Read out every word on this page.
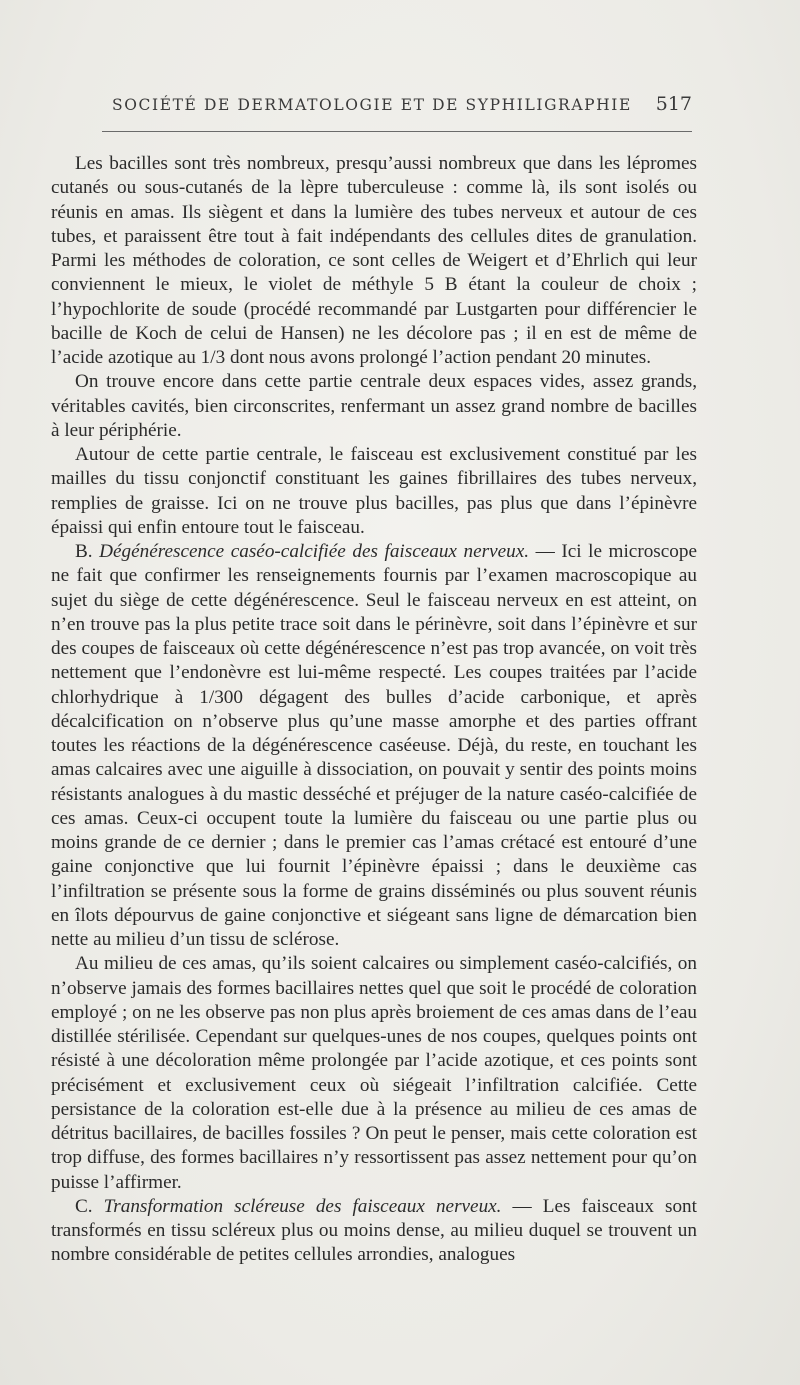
SOCIÉTÉ DE DERMATOLOGIE ET DE SYPHILIGRAPHIE 517

Les bacilles sont très nombreux, presqu’aussi nombreux que dans les lépromes cutanés ou sous-cutanés de la lèpre tuberculeuse : comme là, ils sont isolés ou réunis en amas. Ils siègent et dans la lumière des tubes nerveux et autour de ces tubes, et paraissent être tout à fait indépendants des cellules dites de granulation. Parmi les méthodes de coloration, ce sont celles de Weigert et d’Ehrlich qui leur conviennent le mieux, le violet de méthyle 5 B étant la couleur de choix ; l’hypochlorite de soude (procédé recommandé par Lustgarten pour différencier le bacille de Koch de celui de Hansen) ne les décolore pas ; il en est de même de l’acide azotique au 1/3 dont nous avons prolongé l’action pendant 20 minutes.

On trouve encore dans cette partie centrale deux espaces vides, assez grands, véritables cavités, bien circonscrites, renfermant un assez grand nombre de bacilles à leur périphérie.

Autour de cette partie centrale, le faisceau est exclusivement constitué par les mailles du tissu conjonctif constituant les gaines fibrillaires des tubes nerveux, remplies de graisse. Ici on ne trouve plus bacilles, pas plus que dans l’épinèvre épaissi qui enfin entoure tout le faisceau.

B. Dégénérescence caséo-calcifiée des faisceaux nerveux. — Ici le microscope ne fait que confirmer les renseignements fournis par l’examen macroscopique au sujet du siège de cette dégénérescence. Seul le faisceau nerveux en est atteint, on n’en trouve pas la plus petite trace soit dans le périnèvre, soit dans l’épinèvre et sur des coupes de faisceaux où cette dégénérescence n’est pas trop avancée, on voit très nettement que l’endonèvre est lui-même respecté. Les coupes traitées par l’acide chlorhydrique à 1/300 dégagent des bulles d’acide carbonique, et après décalcification on n’observe plus qu’une masse amorphe et des parties offrant toutes les réactions de la dégénérescence caséeuse. Déjà, du reste, en touchant les amas calcaires avec une aiguille à dissociation, on pouvait y sentir des points moins résistants analogues à du mastic desséché et préjuger de la nature caséo-calcifiée de ces amas. Ceux-ci occupent toute la lumière du faisceau ou une partie plus ou moins grande de ce dernier ; dans le premier cas l’amas crétacé est entouré d’une gaine conjonctive que lui fournit l’épinèvre épaissi ; dans le deuxième cas l’infiltration se présente sous la forme de grains disséminés ou plus souvent réunis en îlots dépourvus de gaine conjonctive et siégeant sans ligne de démarcation bien nette au milieu d’un tissu de sclérose.

Au milieu de ces amas, qu’ils soient calcaires ou simplement caséo-calcifiés, on n’observe jamais des formes bacillaires nettes quel que soit le procédé de coloration employé ; on ne les observe pas non plus après broiement de ces amas dans de l’eau distillée stérilisée. Cependant sur quelques-unes de nos coupes, quelques points ont résisté à une décoloration même prolongée par l’acide azotique, et ces points sont précisément et exclusivement ceux où siégeait l’infiltration calcifiée. Cette persistance de la coloration est-elle due à la présence au milieu de ces amas de détritus bacillaires, de bacilles fossiles ? On peut le penser, mais cette coloration est trop diffuse, des formes bacillaires n’y ressortissent pas assez nettement pour qu’on puisse l’affirmer.

C. Transformation scléreuse des faisceaux nerveux. — Les faisceaux sont transformés en tissu scléreux plus ou moins dense, au milieu duquel se trouvent un nombre considérable de petites cellules arrondies, analogues
